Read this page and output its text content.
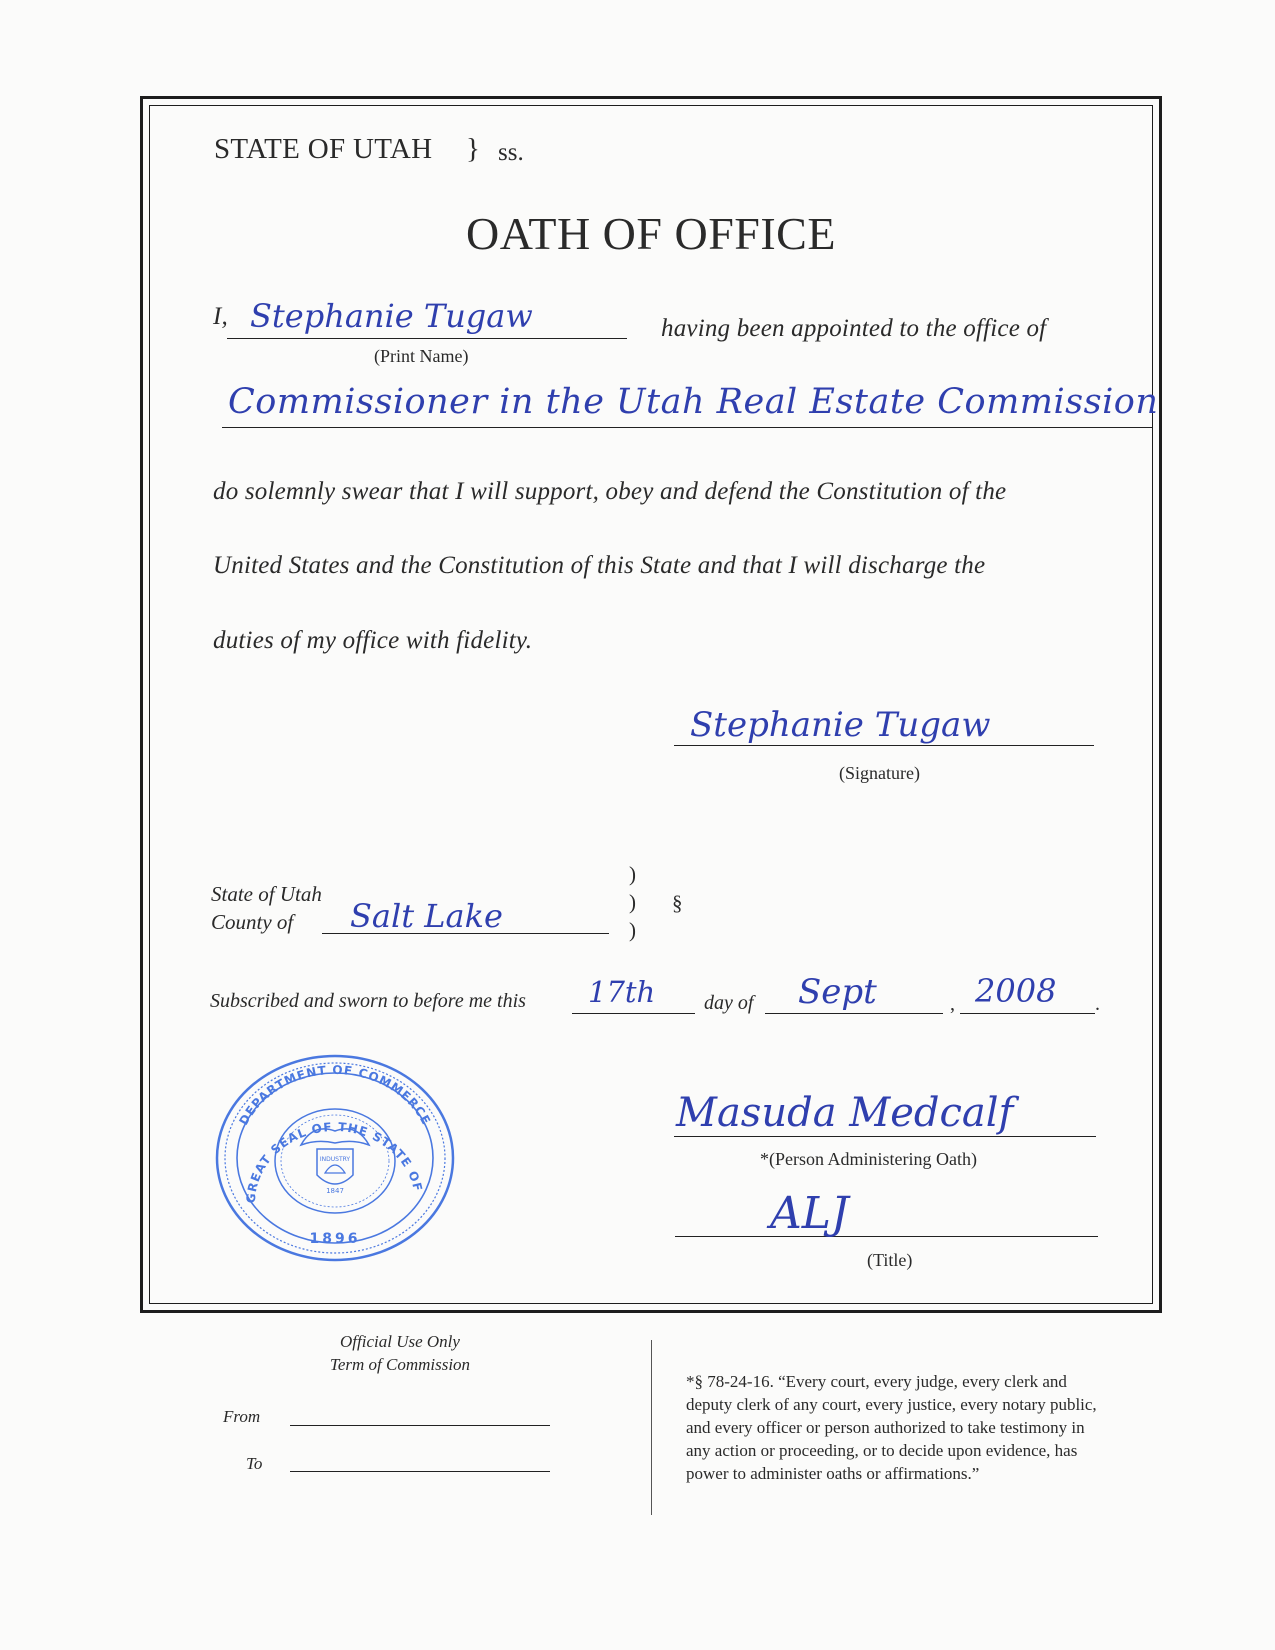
STATE OF UTAH } ss.
OATH OF OFFICE
I, Stephanie Tugaw
(Print Name)
having been appointed to the office of
Commissioner in the Utah Real Estate Commission
do solemnly swear that I will support, obey and defend the Constitution of the
United States and the Constitution of this State and that I will discharge the
duties of my office with fidelity.
Stephanie Tugaw
(Signature)
State of Utah
County of Salt Lake
)
)
)
§
Subscribed and sworn to before me this 17th day of Sept	, 2008 .
DEPARTMENT OF COMMERCE
GREAT SEAL OF THE STATE OF
INDUSTRY
1847
1896
Masuda Medcalf
*(Person Administering Oath)
ALJ
(Title)
Official Use Only
Term of Commission
From
To
*§ 78-24-16. “Every court, every judge, every clerk and
deputy clerk of any court, every justice, every notary public,
and every officer or person authorized to take testimony in
any action or proceeding, or to decide upon evidence, has
power to administer oaths or affirmations.”
